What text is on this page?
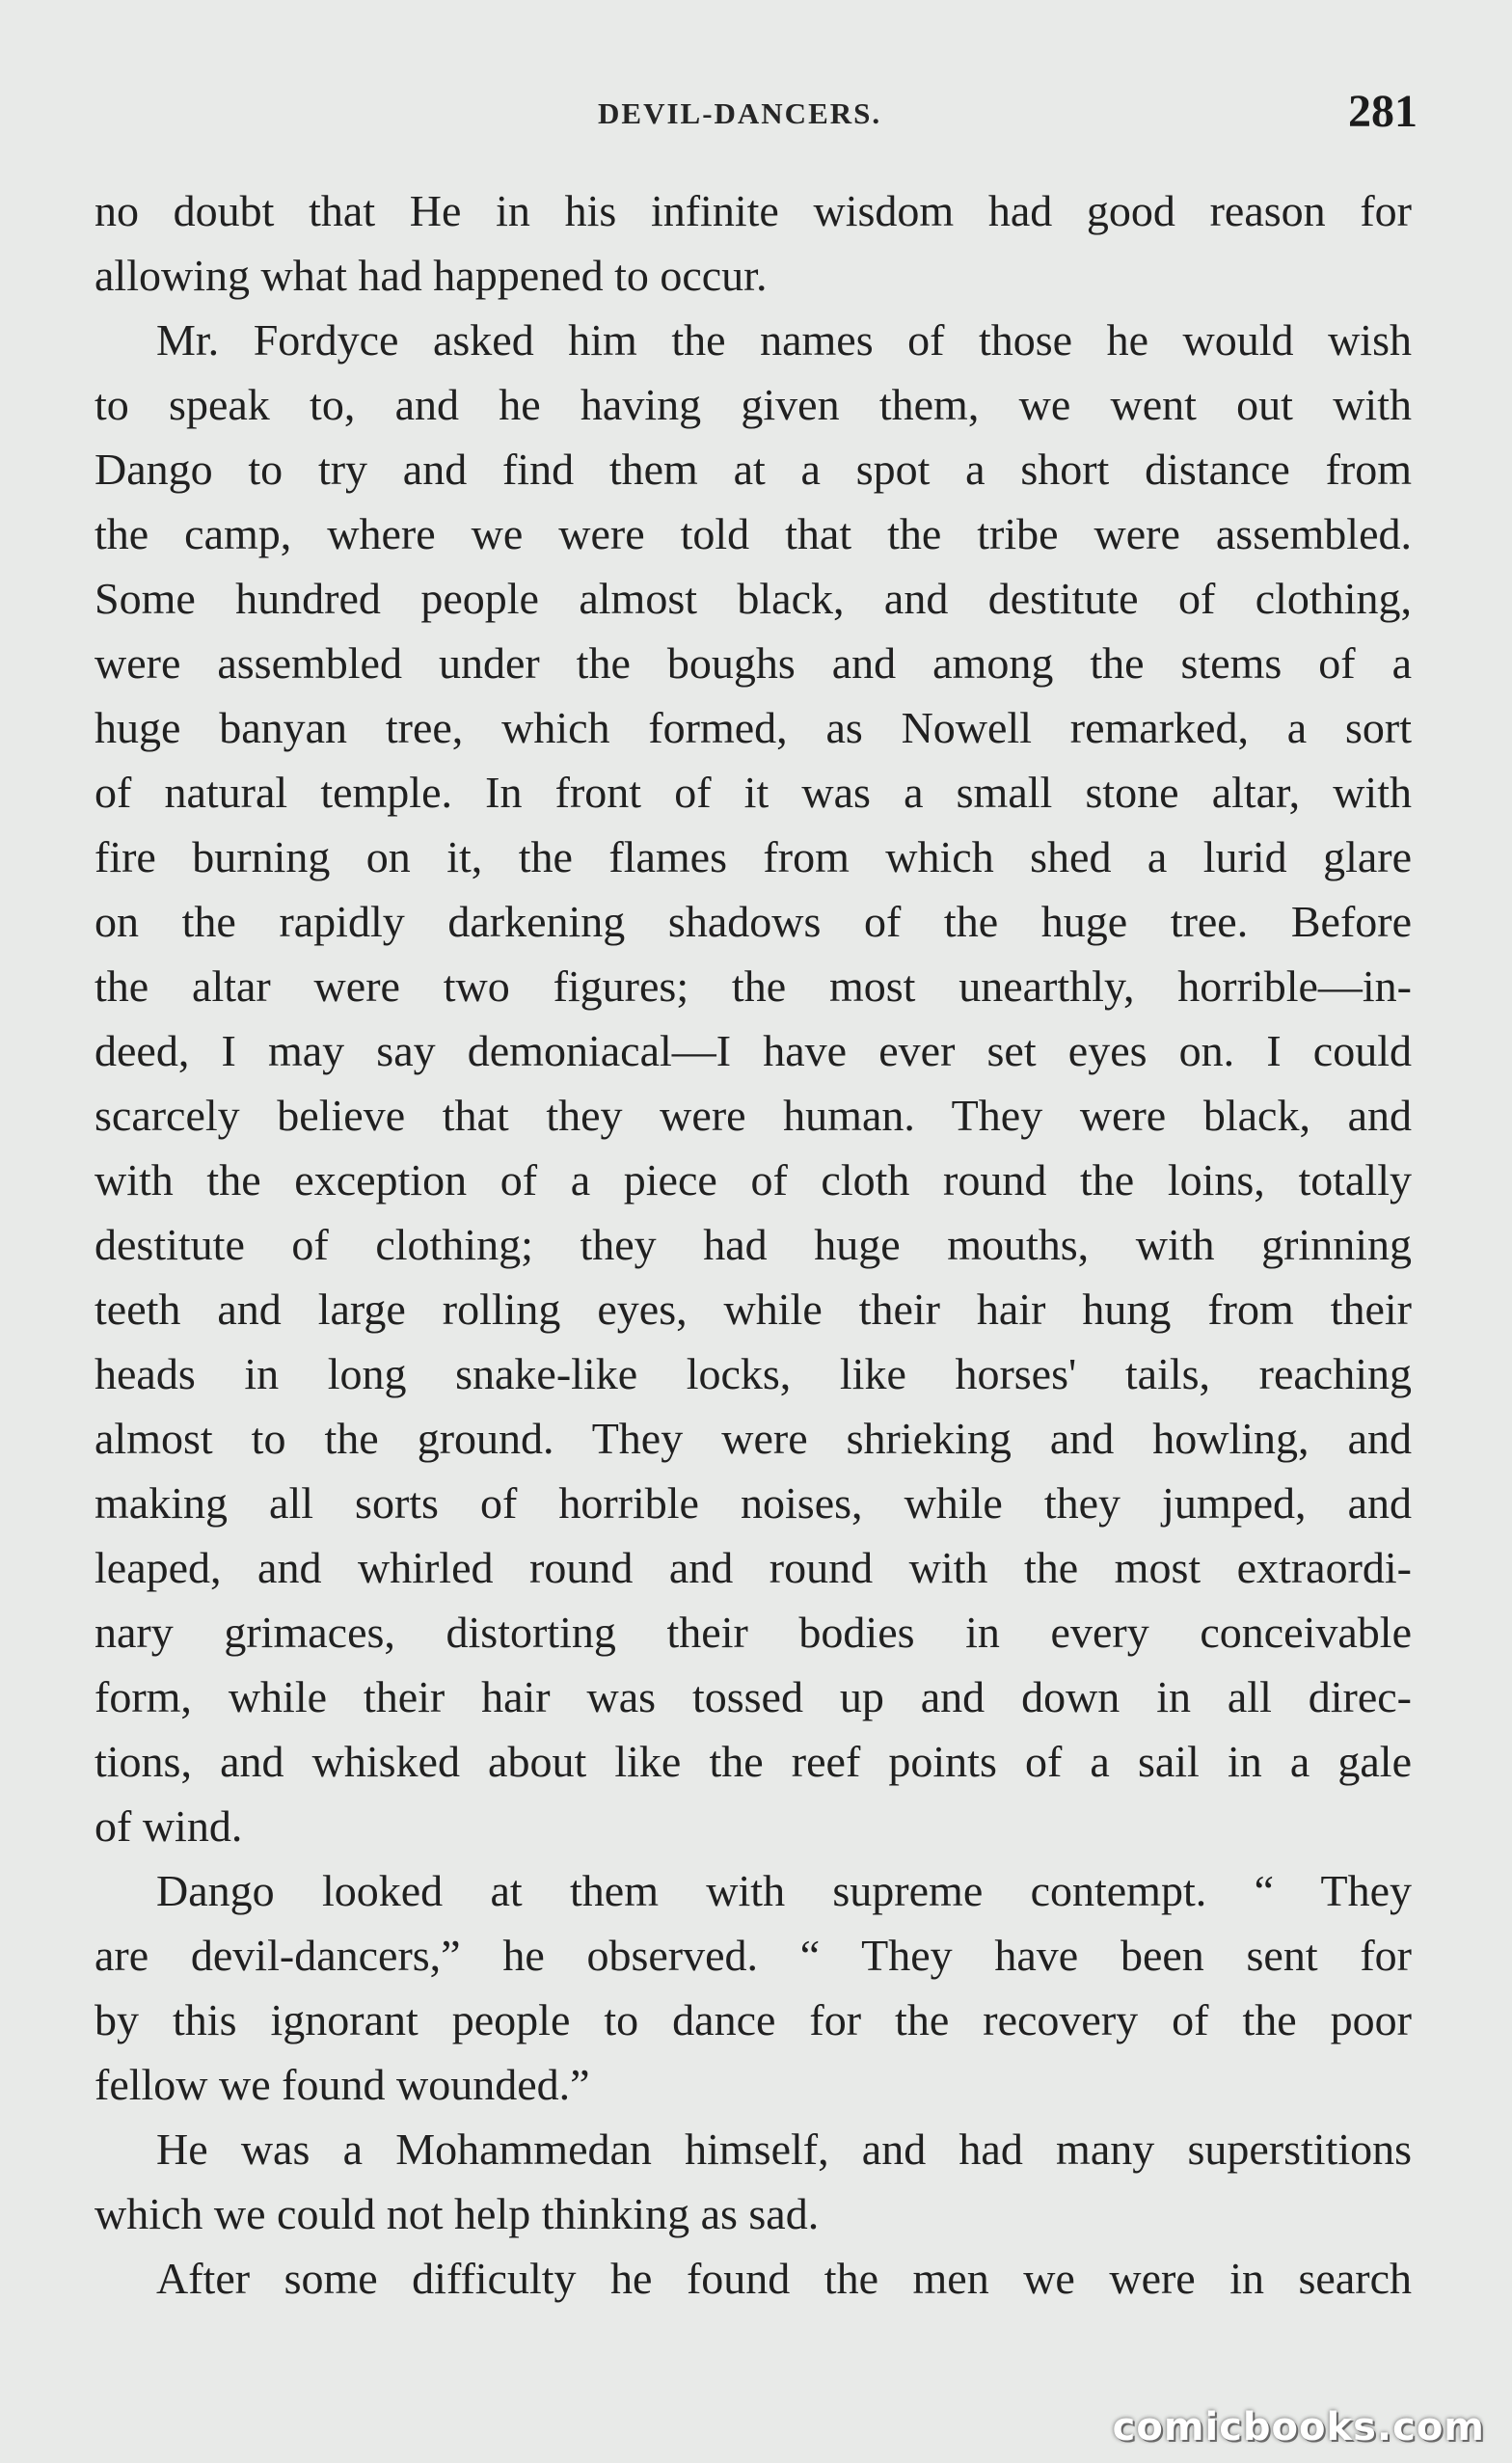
DEVIL-DANCERS.	281
no doubt that He in his infinite wisdom had good reason for
allowing what had happened to occur.
Mr. Fordyce asked him the names of those he would wish
to speak to, and he having given them, we went out with
Dango to try and find them at a spot a short distance from
the camp, where we were told that the tribe were assembled.
Some hundred people almost black, and destitute of clothing,
were assembled under the boughs and among the stems of a
huge banyan tree, which formed, as Nowell remarked, a sort
of natural temple. In front of it was a small stone altar, with
fire burning on it, the flames from which shed a lurid glare
on the rapidly darkening shadows of the huge tree. Before
the altar were two figures; the most unearthly, horrible—in-
deed, I may say demoniacal—I have ever set eyes on. I could
scarcely believe that they were human. They were black, and
with the exception of a piece of cloth round the loins, totally
destitute of clothing; they had huge mouths, with grinning
teeth and large rolling eyes, while their hair hung from their
heads in long snake-like locks, like horses' tails, reaching
almost to the ground. They were shrieking and howling, and
making all sorts of horrible noises, while they jumped, and
leaped, and whirled round and round with the most extraordi-
nary grimaces, distorting their bodies in every conceivable
form, while their hair was tossed up and down in all direc-
tions, and whisked about like the reef points of a sail in a gale
of wind.
Dango looked at them with supreme contempt. “ They
are devil-dancers,” he observed. “ They have been sent for
by this ignorant people to dance for the recovery of the poor
fellow we found wounded.”
He was a Mohammedan himself, and had many superstitions
which we could not help thinking as sad.
After some difficulty he found the men we were in search
comicbooks.com
